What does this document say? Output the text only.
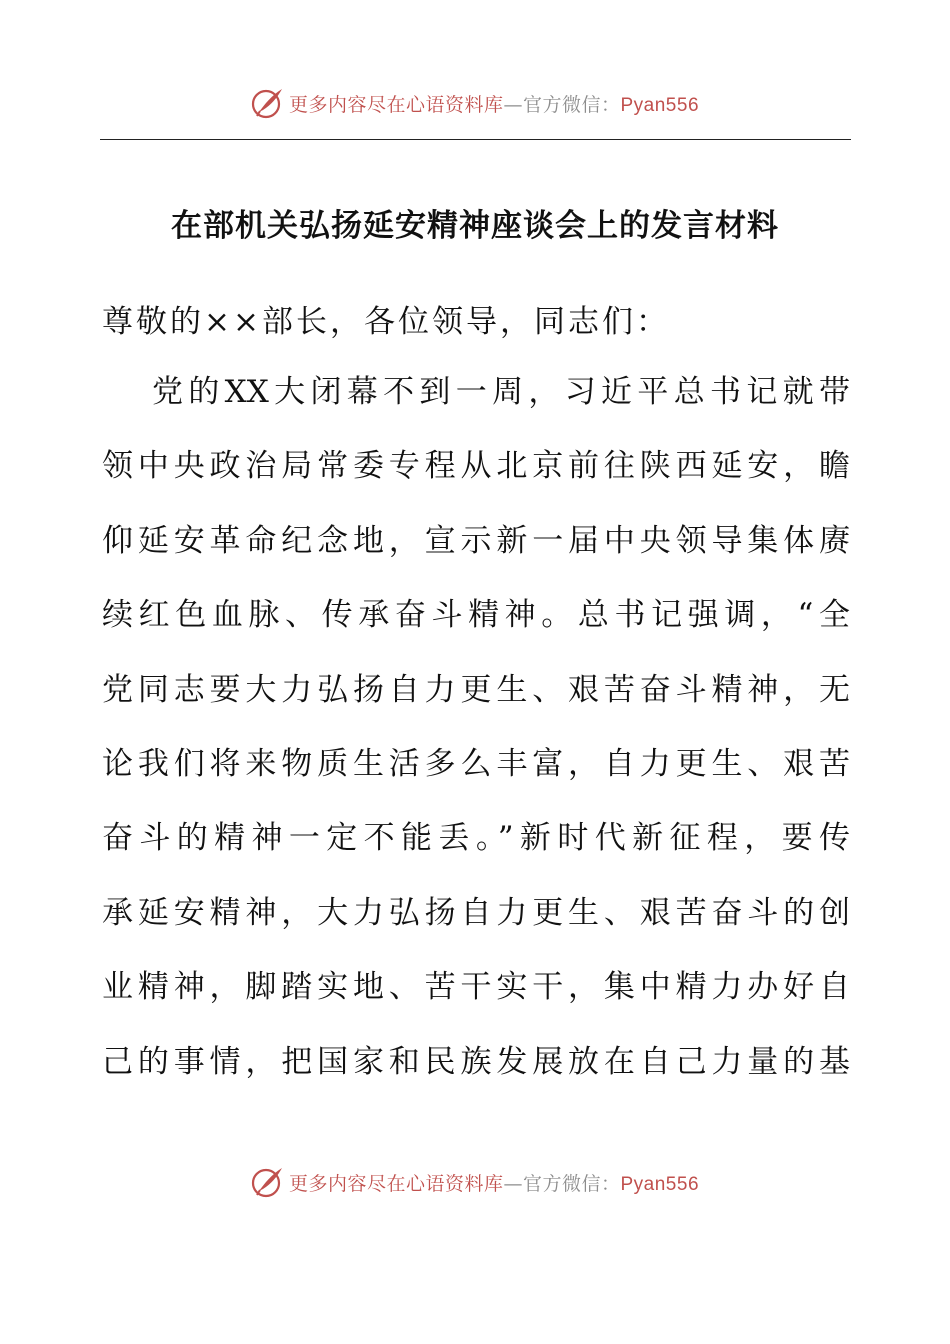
更多内容尽在心语资料库—官方微信：Pyan556
在部机关弘扬延安精神座谈会上的发言材料
尊敬的××部长，各位领导，同志们：
党的XX大闭幕不到一周，习近平总书记就带
领中央政治局常委专程从北京前往陕西延安，瞻
仰延安革命纪念地，宣示新一届中央领导集体赓
续红色血脉、传承奋斗精神。总书记强调，“全
党同志要大力弘扬自力更生、艰苦奋斗精神，无
论我们将来物质生活多么丰富，自力更生、艰苦
奋斗的精神一定不能丢。”新时代新征程，要传
承延安精神，大力弘扬自力更生、艰苦奋斗的创
业精神，脚踏实地、苦干实干，集中精力办好自
己的事情，把国家和民族发展放在自己力量的基
更多内容尽在心语资料库—官方微信：Pyan556
